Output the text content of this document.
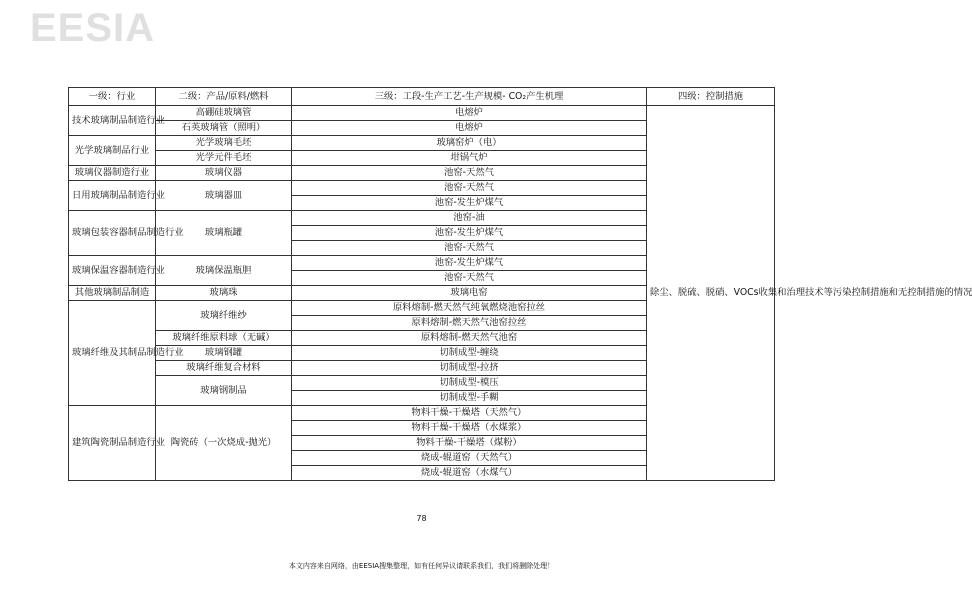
EESIA
一级：行业	二级：产品/原料/燃料	三级：工段-生产工艺-生产规模- CO₂产生机理	四级：控制措施
技术玻璃制品制造行业	高硼硅玻璃管	电熔炉	除尘、脱硫、脱硝、VOCs收集和治理技术等污染控制措施和无控制措施的情况
	石英玻璃管（照明）	电熔炉	
光学玻璃制品行业	光学玻璃毛坯	玻璃窑炉（电）	
	光学元件毛坯	坩锅气炉	
玻璃仪器制造行业	玻璃仪器	池窑-天然气	
日用玻璃制品制造行业	玻璃器皿	池窑-天然气	
		池窑-发生炉煤气	
玻璃包装容器制品制造行业	玻璃瓶罐	池窑-油	
		池窑-发生炉煤气	
		池窑-天然气	
玻璃保温容器制造行业	玻璃保温瓶胆	池窑-发生炉煤气	
		池窑-天然气	
其他玻璃制品制造	玻璃珠	玻璃电窑	
玻璃纤维及其制品制造行业	玻璃纤维纱	原料熔制-燃天然气纯氧燃烧池窑拉丝	
		原料熔制-燃天然气池窑拉丝	
	玻璃纤维原料球（无碱）	原料熔制-燃天然气池窑	
	玻璃钢罐	切制成型-缠绕	
	玻璃纤维复合材料	切制成型-拉挤	
	玻璃钢制品	切制成型-模压	
		切制成型-手糊	
建筑陶瓷制品制造行业	陶瓷砖（一次烧成-抛光）	物料干燥-干燥塔（天然气）	
		物料干燥-干燥塔（水煤浆）	
		物料干燥-干燥塔（煤粉）	
		烧成-辊道窑（天然气）	
		烧成-辊道窑（水煤气）	
78
本文内容来自网络，由EESIA搜集整理，如有任何异议请联系我们，我们将删除处理！
